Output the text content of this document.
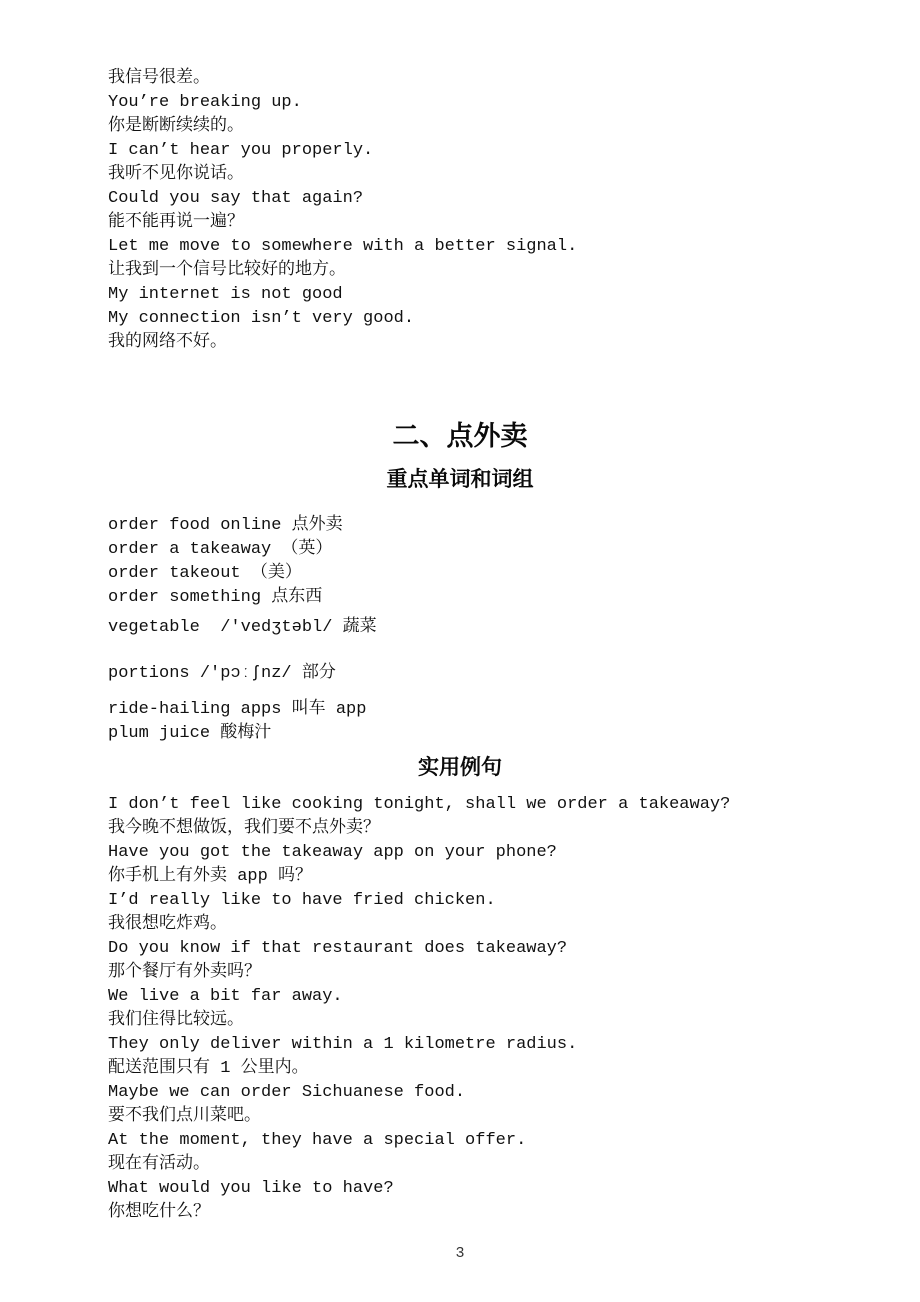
我信号很差。
You’re breaking up.
你是断断续续的。
I can’t hear you properly.
我听不见你说话。
Could you say that again?
能不能再说一遍？
Let me move to somewhere with a better signal.
让我到一个信号比较好的地方。
My internet is not good
My connection isn’t very good.
我的网络不好。
二、点外卖
重点单词和词组
order food online 点外卖
order a takeaway （英）
order takeout （美）
order something 点东西
vegetable  /'vedʒtəbl/ 蔬菜
portions /'pɔːʃnz/ 部分
ride-hailing apps 叫车 app
plum juice 酸梅汁
实用例句
I don’t feel like cooking tonight, shall we order a takeaway?
我今晚不想做饭，我们要不点外卖？
Have you got the takeaway app on your phone?
你手机上有外卖 app 吗？
I’d really like to have fried chicken.
我很想吃炸鸡。
Do you know if that restaurant does takeaway?
那个餐厅有外卖吗？
We live a bit far away.
我们住得比较远。
They only deliver within a 1 kilometre radius.
配送范围只有 1 公里内。
Maybe we can order Sichuanese food.
要不我们点川菜吧。
At the moment, they have a special offer.
现在有活动。
What would you like to have?
你想吃什么？
3
